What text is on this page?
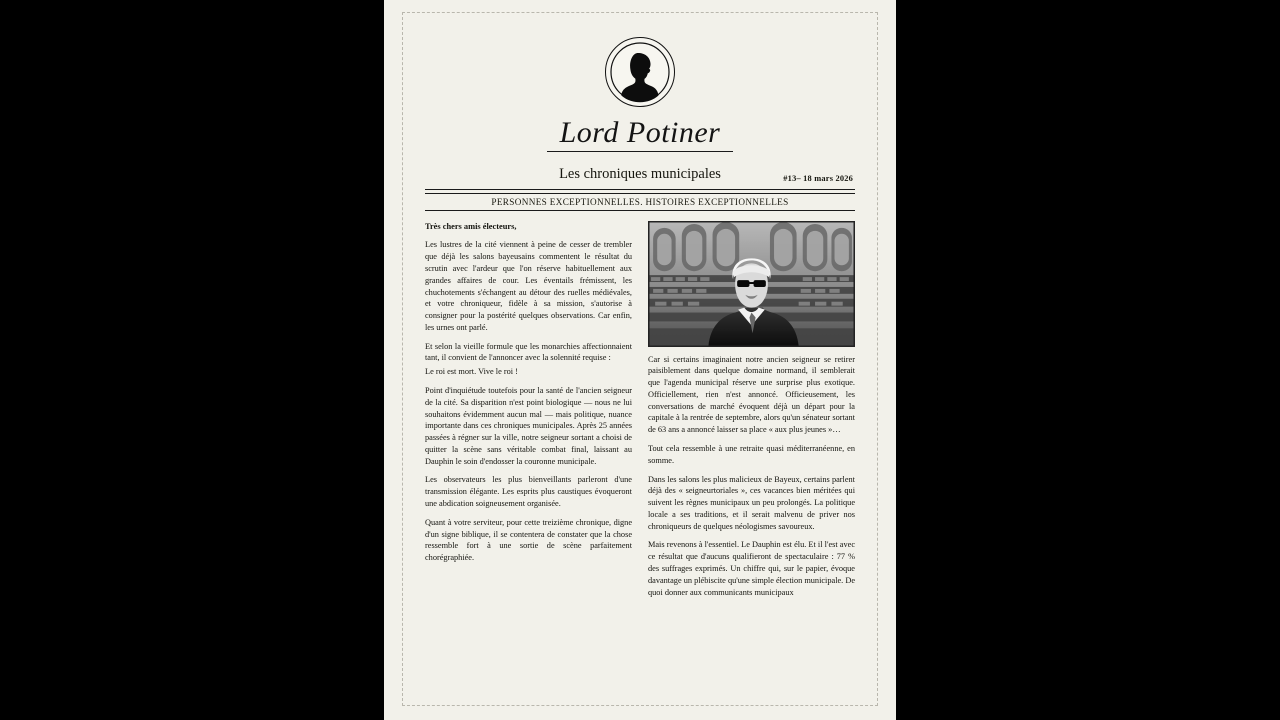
Lord Potiner
Les chroniques municipales	#13– 18 mars 2026
PERSONNES EXCEPTIONNELLES. HISTOIRES EXCEPTIONNELLES
Très chers amis électeurs,

Les lustres de la cité viennent à peine de cesser de trembler que déjà les salons bayeusains commentent le résultat du scrutin avec l'ardeur que l'on réserve habituellement aux grandes affaires de cour. Les éventails frémissent, les chuchotements s'échangent au détour des ruelles médiévales, et votre chroniqueur, fidèle à sa mission, s'autorise à consigner pour la postérité quelques observations. Car enfin, les urnes ont parlé.

Et selon la vieille formule que les monarchies affectionnaient tant, il convient de l'annoncer avec la solennité requise :

Le roi est mort. Vive le roi !

Point d'inquiétude toutefois pour la santé de l'ancien seigneur de la cité. Sa disparition n'est point biologique — nous ne lui souhaitons évidemment aucun mal — mais politique, nuance importante dans ces chroniques municipales. Après 25 années passées à régner sur la ville, notre seigneur sortant a choisi de quitter la scène sans véritable combat final, laissant au Dauphin le soin d'endosser la couronne municipale.

Les observateurs les plus bienveillants parleront d'une transmission élégante. Les esprits plus caustiques évoqueront une abdication soigneusement organisée.

Quant à votre serviteur, pour cette treizième chronique, digne d'un signe biblique, il se contentera de constater que la chose ressemble fort à une sortie de scène parfaitement chorégraphiée.

Car si certains imaginaient notre ancien seigneur se retirer paisiblement dans quelque domaine normand, il semblerait que l'agenda municipal réserve une surprise plus exotique. Officiellement, rien n'est annoncé. Officieusement, les conversations de marché évoquent déjà un départ pour la capitale à la rentrée de septembre, alors qu'un sénateur sortant de 63 ans a annoncé laisser sa place « aux plus jeunes »…

Tout cela ressemble à une retraite quasi méditerranéenne, en somme.

Dans les salons les plus malicieux de Bayeux, certains parlent déjà des « seigneurtoriales », ces vacances bien méritées qui suivent les règnes municipaux un peu prolongés. La politique locale a ses traditions, et il serait malvenu de priver nos chroniqueurs de quelques néologismes savoureux.

Mais revenons à l'essentiel. Le Dauphin est élu. Et il l'est avec ce résultat que d'aucuns qualifieront de spectaculaire : 77 % des suffrages exprimés. Un chiffre qui, sur le papier, évoque davantage un plébiscite qu'une simple élection municipale. De quoi donner aux communicants municipaux
